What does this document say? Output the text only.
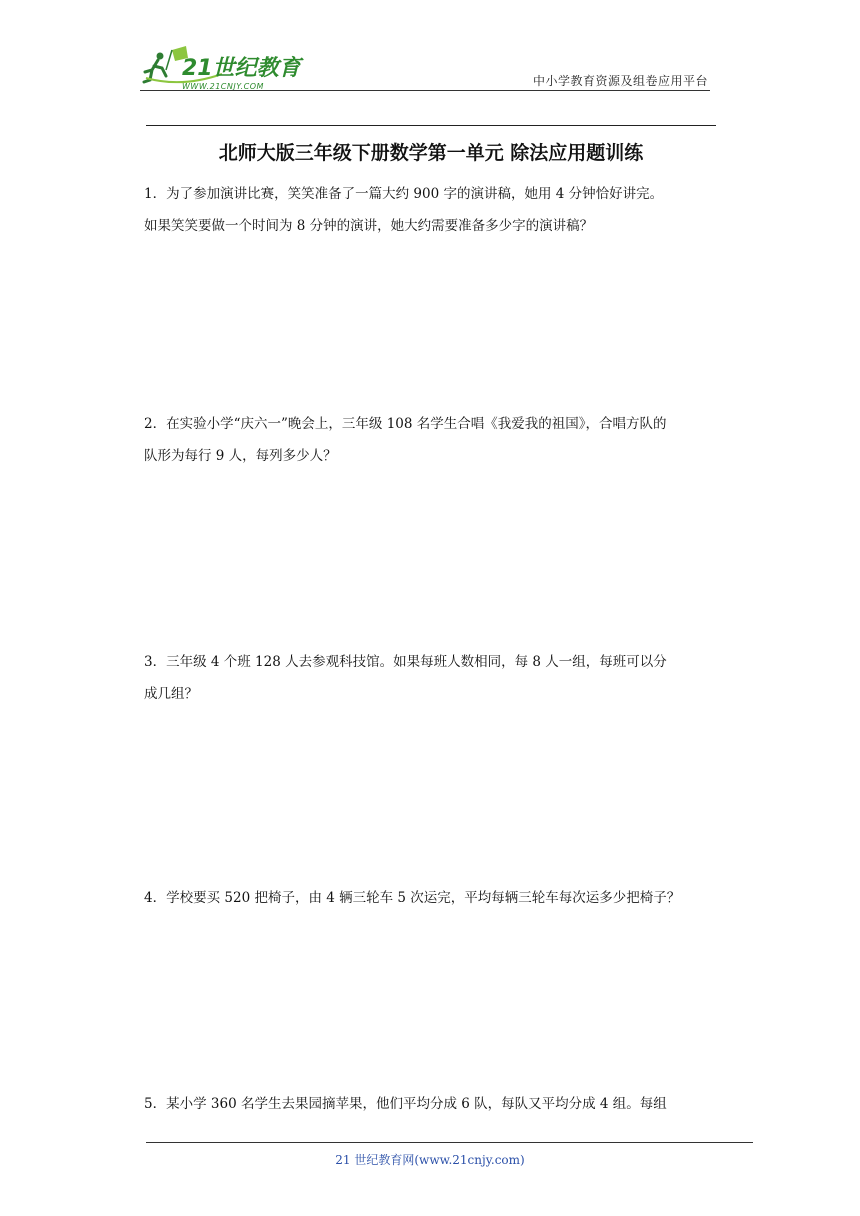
21世纪教育
WWW.21CNJY.COM	中小学教育资源及组卷应用平台
北师大版三年级下册数学第一单元 除法应用题训练
1．为了参加演讲比赛，笑笑准备了一篇大约 900 字的演讲稿，她用 4 分钟恰好讲完。
如果笑笑要做一个时间为 8 分钟的演讲，她大约需要准备多少字的演讲稿？
2．在实验小学“庆六一”晚会上，三年级 108 名学生合唱《我爱我的祖国》，合唱方队的
队形为每行 9 人，每列多少人？
3．三年级 4 个班 128 人去参观科技馆。如果每班人数相同，每 8 人一组，每班可以分
成几组？
4．学校要买 520 把椅子，由 4 辆三轮车 5 次运完，平均每辆三轮车每次运多少把椅子？
5．某小学 360 名学生去果园摘苹果，他们平均分成 6 队，每队又平均分成 4 组。每组
21 世纪教育网(www.21cnjy.com)
